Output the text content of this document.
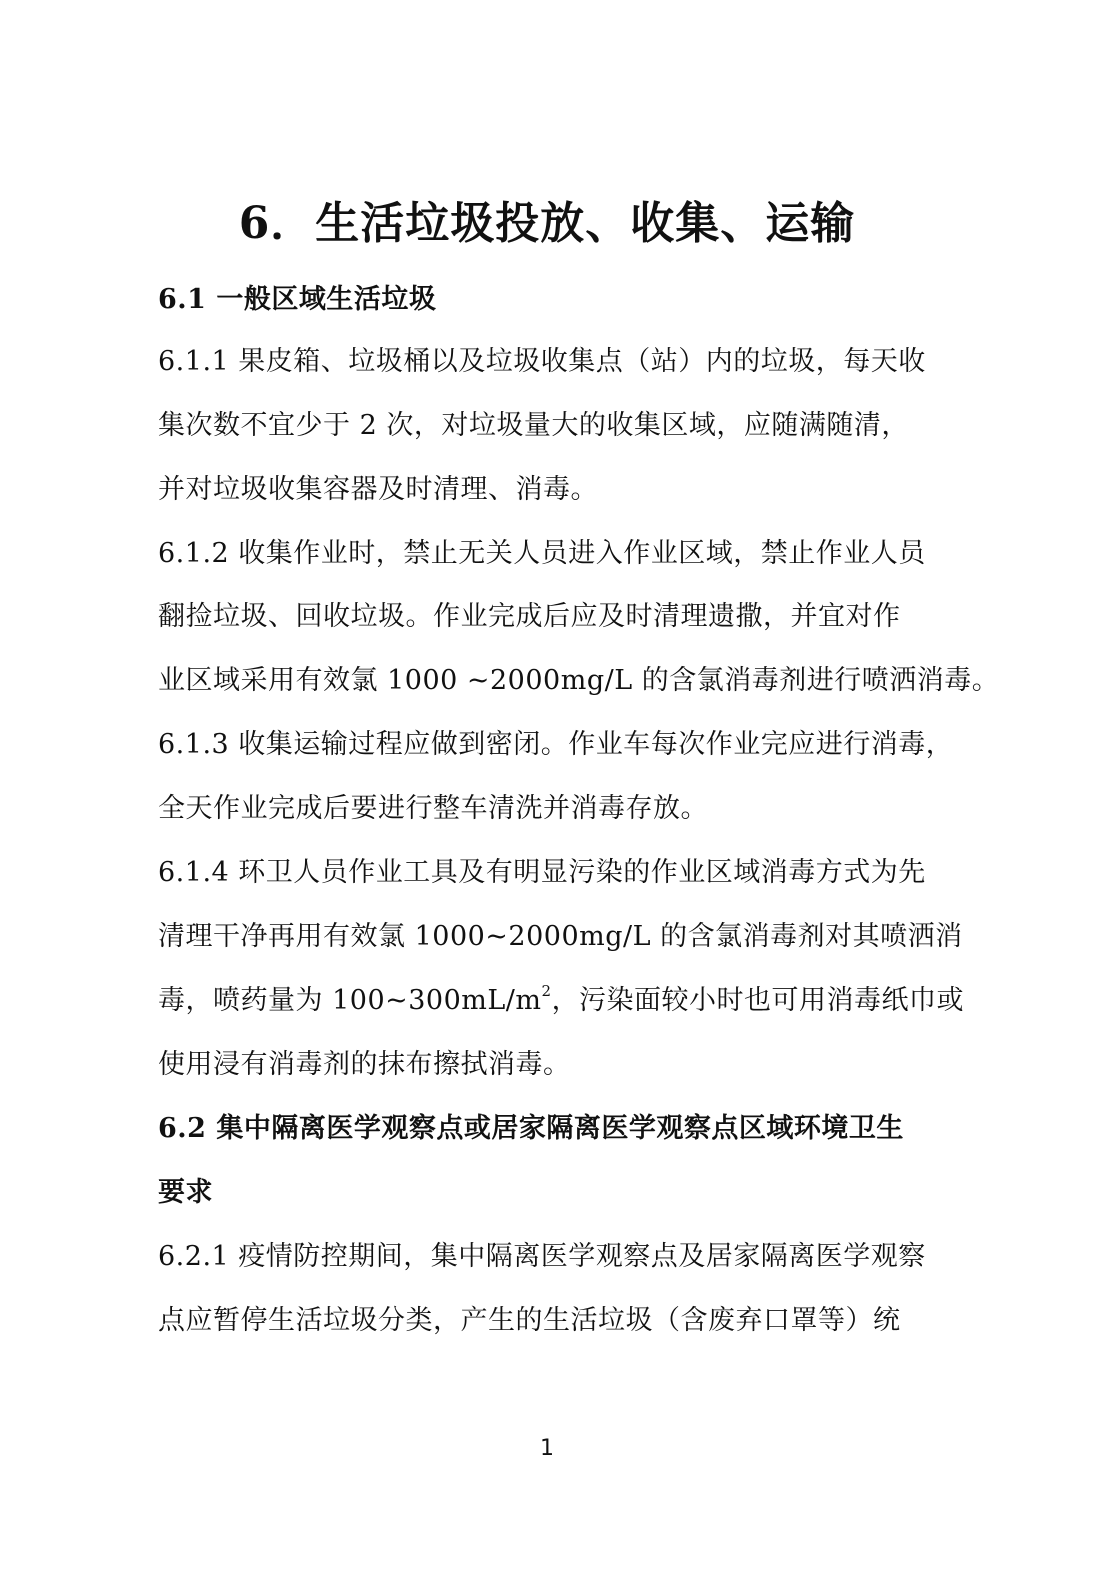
6．生活垃圾投放、收集、运输
6.1 一般区域生活垃圾
6.1.1 果皮箱、垃圾桶以及垃圾收集点（站）内的垃圾，每天收
集次数不宜少于 2 次，对垃圾量大的收集区域，应随满随清，
并对垃圾收集容器及时清理、消毒。
6.1.2 收集作业时，禁止无关人员进入作业区域，禁止作业人员
翻捡垃圾、回收垃圾。作业完成后应及时清理遗撒，并宜对作
业区域采用有效氯 1000 ~2000mg/L 的含氯消毒剂进行喷洒消毒。
6.1.3 收集运输过程应做到密闭。作业车每次作业完应进行消毒，
全天作业完成后要进行整车清洗并消毒存放。
6.1.4 环卫人员作业工具及有明显污染的作业区域消毒方式为先
清理干净再用有效氯 1000~2000mg/L 的含氯消毒剂对其喷洒消
毒，喷药量为 $100\sim 300mL/m^2$，污染面较小时也可用消毒纸巾或
使用浸有消毒剂的抹布擦拭消毒。
6.2 集中隔离医学观察点或居家隔离医学观察点区域环境卫生
要求
6.2.1 疫情防控期间，集中隔离医学观察点及居家隔离医学观察
点应暂停生活垃圾分类，产生的生活垃圾（含废弃口罩等）统
1
